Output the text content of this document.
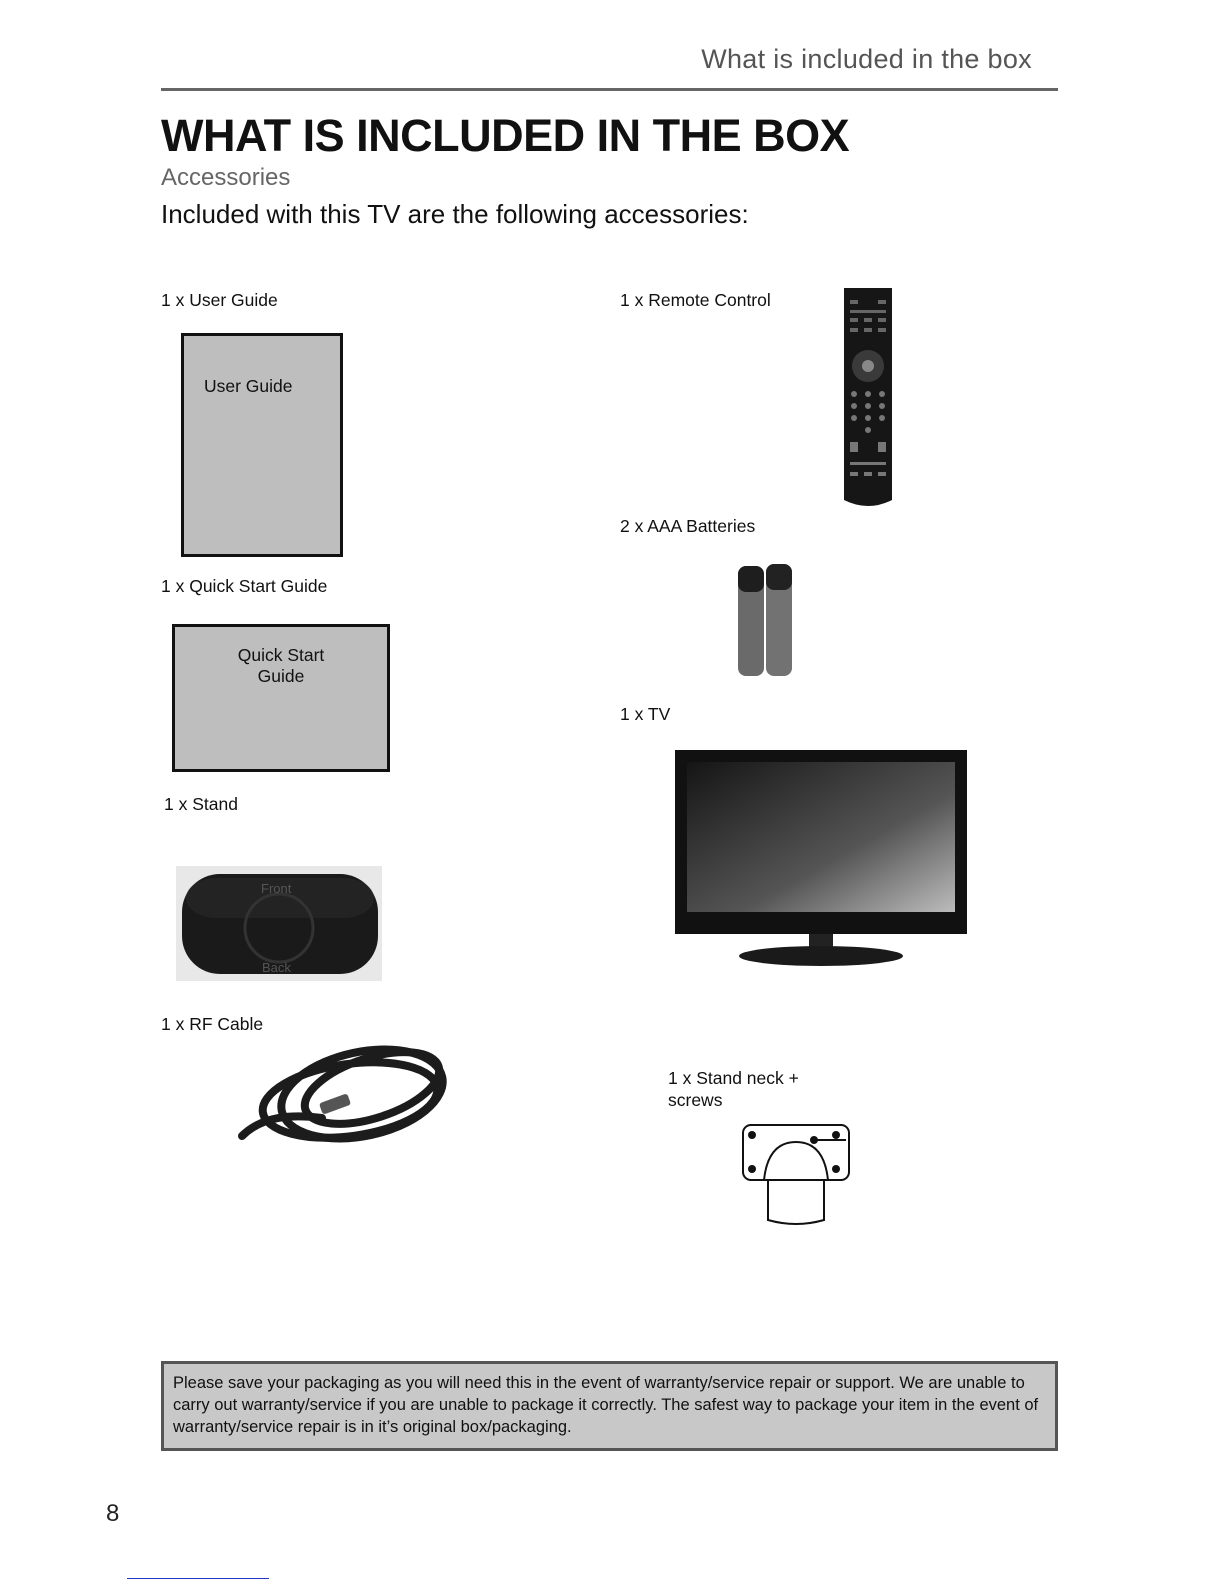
What is included in the box
WHAT IS INCLUDED IN THE BOX
Accessories
Included with this TV are the following accessories:
1 x User Guide
User Guide
1 x Quick Start Guide
Quick Start
Guide
1 x Stand
Front
Back
1 x RF Cable
1 x Remote Control
2 x AAA Batteries
1 x TV
1 x Stand neck +
screws
Please save your packaging as you will need this in the event of warranty/service repair or support. We are unable to carry out warranty/service if you are unable to package it correctly. The safest way to package your item in the event of warranty/service repair is in it’s original box/packaging.
8
